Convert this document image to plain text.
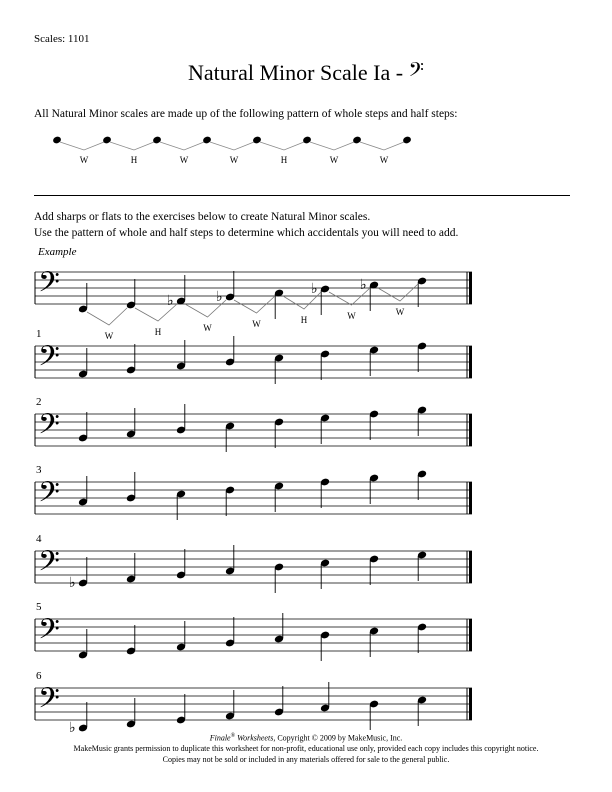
Scales: 1101
Natural Minor Scale Ia - 𝄢
All Natural Minor scales are made up of the following pattern of whole steps and half steps:
W	H	W	W	H	W	W
Add sharps or flats to the exercises below to create Natural Minor scales.
Use the pattern of whole and half steps to determine which accidentals you will need to add.
Example
𝄢	♭	♭
♭	♭
W	H	W	W	H	W	W
1
2
3
4
5
6
𝄢
𝄢
𝄢
𝄢 ♭
𝄢
𝄢
♭
Finale® Worksheets, Copyright © 2009 by MakeMusic, Inc.
MakeMusic grants permission to duplicate this worksheet for non-profit, educational use only, provided each copy includes this copyright notice.
Copies may not be sold or included in any materials offered for sale to the general public.
